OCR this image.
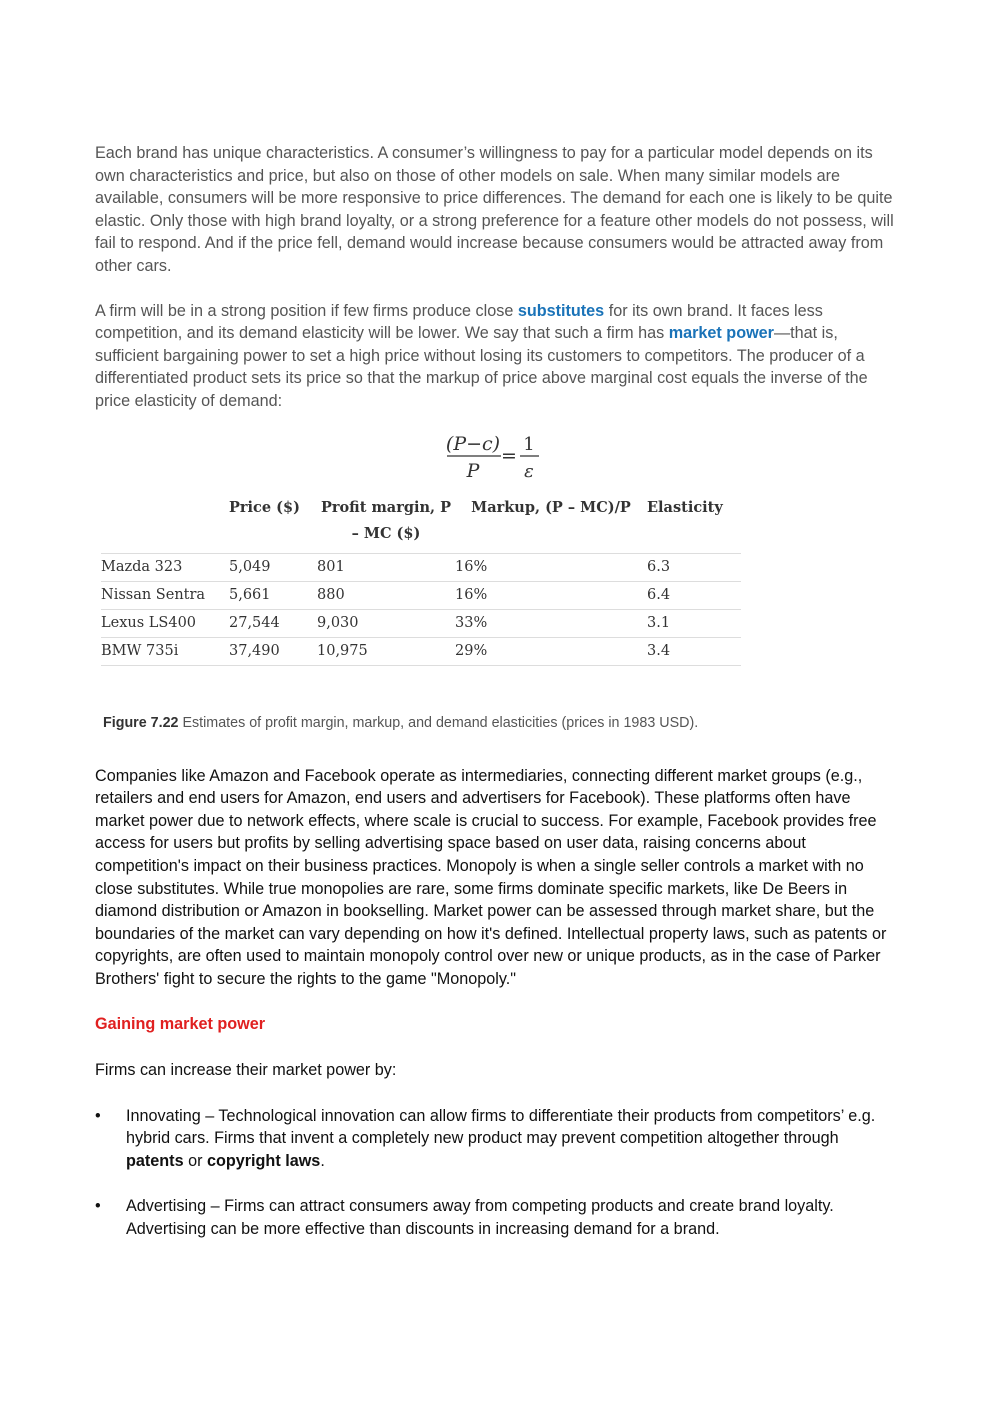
Each brand has unique characteristics. A consumer’s willingness to pay for a particular model depends on its own characteristics and price, but also on those of other models on sale. When many similar models are available, consumers will be more responsive to price differences. The demand for each one is likely to be quite elastic. Only those with high brand loyalty, or a strong preference for a feature other models do not possess, will fail to respond. And if the price fell, demand would increase because consumers would be attracted away from other cars.

A firm will be in a strong position if few firms produce close substitutes for its own brand. It faces less competition, and its demand elasticity will be lower. We say that such a firm has market power—that is, sufficient bargaining power to set a high price without losing its customers to competitors. The producer of a differentiated product sets its price so that the markup of price above marginal cost equals the inverse of the price elasticity of demand:

(P−c)
P
=
1
ε
	Price ($)	Profit margin, P – MC ($)	Markup, (P – MC)/P	Elasticity
Mazda 323	5,049	801	16%	6.3
Nissan Sentra	5,661	880	16%	6.4
Lexus LS400	27,544	9,030	33%	3.1
BMW 735i	37,490	10,975	29%	3.4
Figure 7.22 Estimates of profit margin, markup, and demand elasticities (prices in 1983 USD).

Companies like Amazon and Facebook operate as intermediaries, connecting different market groups (e.g., retailers and end users for Amazon, end users and advertisers for Facebook). These platforms often have market power due to network effects, where scale is crucial to success. For example, Facebook provides free access for users but profits by selling advertising space based on user data, raising concerns about competition's impact on their business practices. Monopoly is when a single seller controls a market with no close substitutes. While true monopolies are rare, some firms dominate specific markets, like De Beers in diamond distribution or Amazon in bookselling. Market power can be assessed through market share, but the boundaries of the market can vary depending on how it's defined. Intellectual property laws, such as patents or copyrights, are often used to maintain monopoly control over new or unique products, as in the case of Parker Brothers' fight to secure the rights to the game "Monopoly."

Gaining market power

Firms can increase their market power by:

• Innovating – Technological innovation can allow firms to differentiate their products from competitors’ e.g. hybrid cars. Firms that invent a completely new product may prevent competition altogether through patents or copyright laws.
• Advertising – Firms can attract consumers away from competing products and create brand loyalty. Advertising can be more effective than discounts in increasing demand for a brand.
